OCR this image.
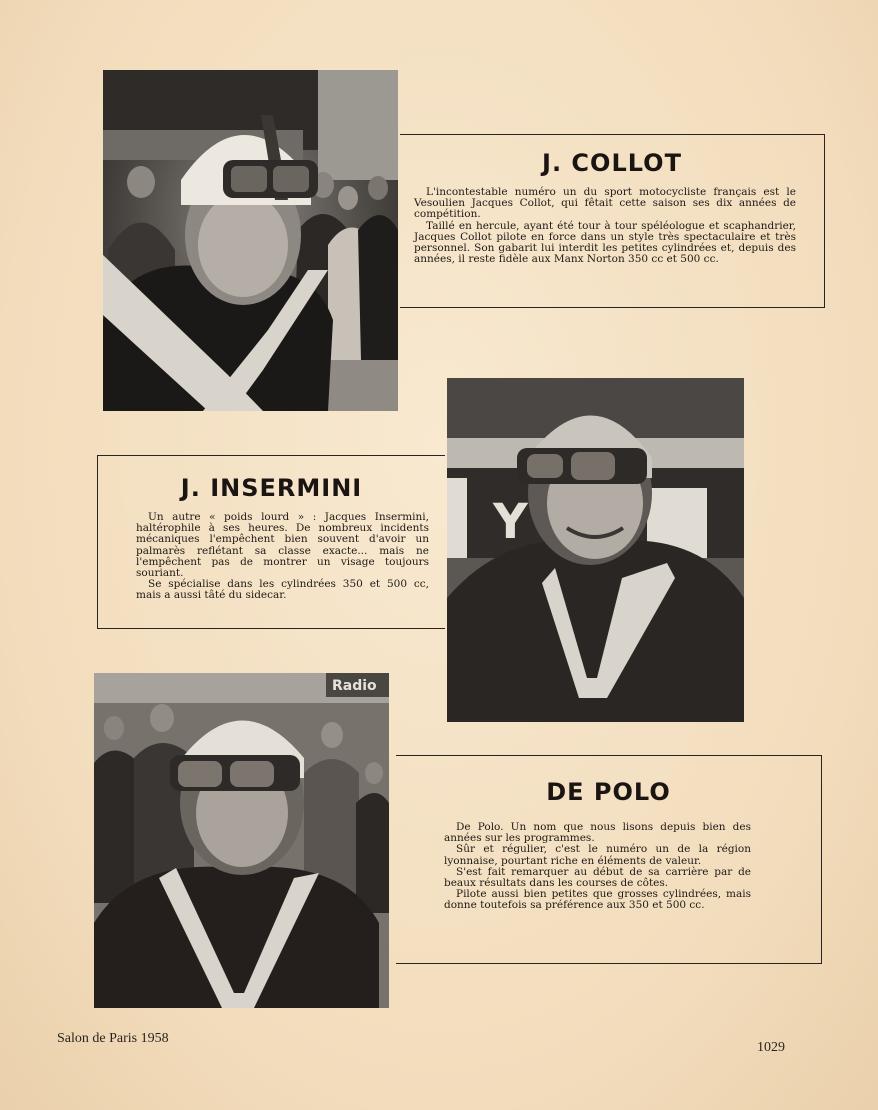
J. COLLOT

L'incontestable numéro un du sport motocycliste français est le Vesoulien Jacques Collot, qui fêtait cette saison ses dix années de compétition.

Taillé en hercule, ayant été tour à tour spéléologue et scaphandrier, Jacques Collot pilote en force dans un style très spectaculaire et très personnel. Son gabarit lui interdit les petites cylindrées et, depuis des années, il reste fidèle aux Manx Norton 350 cc et 500 cc.

Y
J. INSERMINI

Un autre « poids lourd » : Jacques Insermini, haltérophile à ses heures. De nombreux incidents mécaniques l'empêchent bien souvent d'avoir un palmarès reflétant sa classe exacte... mais ne l'empêchent pas de montrer un visage toujours souriant.

Se spécialise dans les cylindrées 350 et 500 cc, mais a aussi tâté du sidecar.

Radio
DE POLO

De Polo. Un nom que nous lisons depuis bien des années sur les programmes.

Sûr et régulier, c'est le numéro un de la région lyonnaise, pourtant riche en éléments de valeur.

S'est fait remarquer au début de sa carrière par de beaux résultats dans les courses de côtes.

Pilote aussi bien petites que grosses cylindrées, mais donne toutefois sa préférence aux 350 et 500 cc.

Salon de Paris 1958
1029
